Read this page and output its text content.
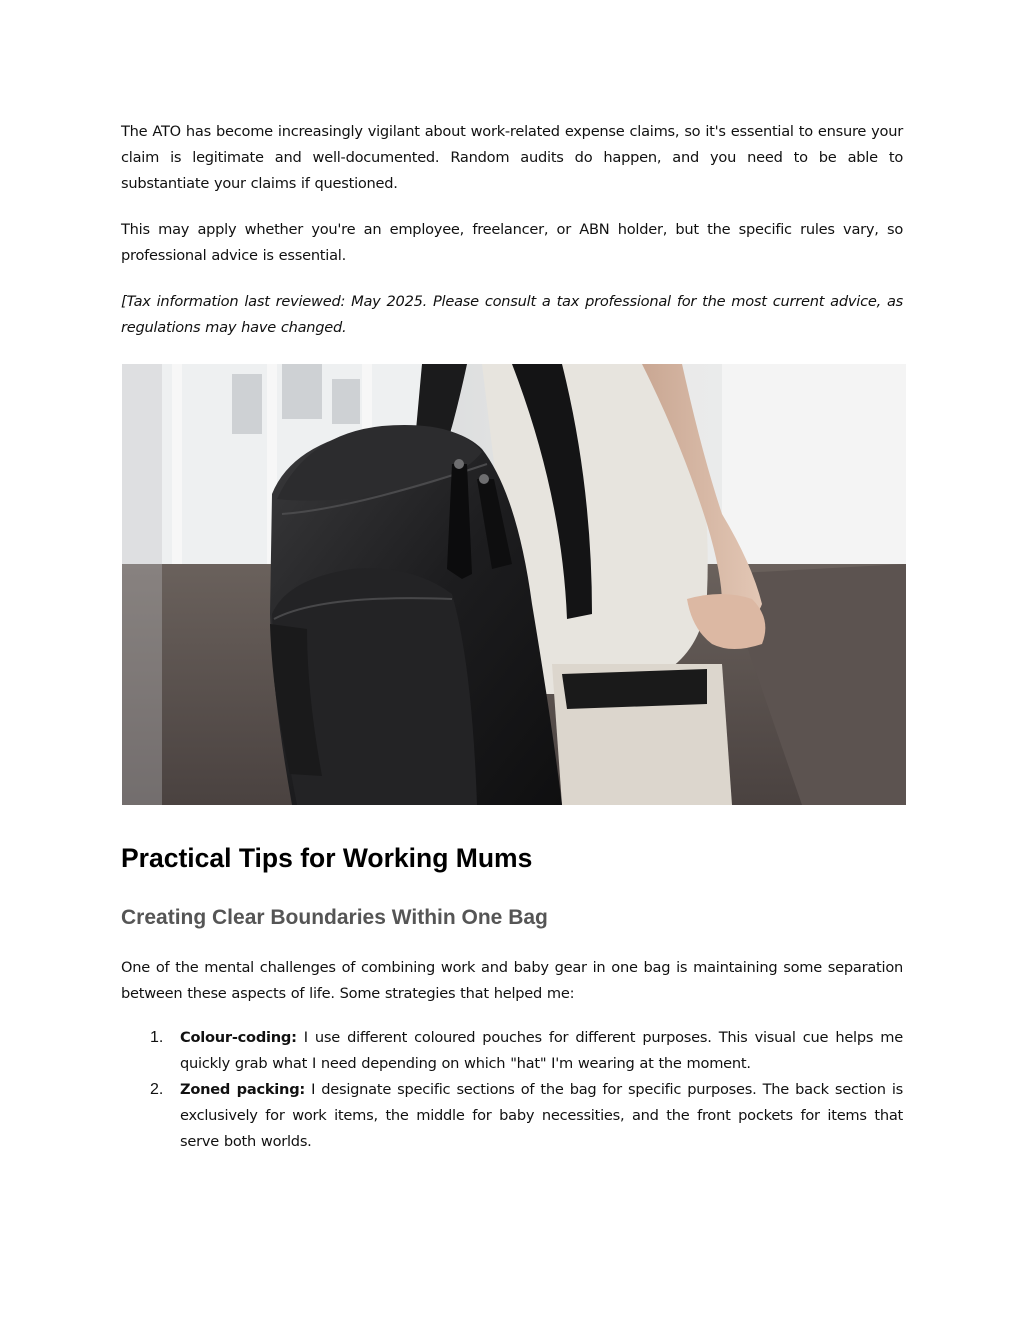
The ATO has become increasingly vigilant about work-related expense claims, so it's essential to ensure your claim is legitimate and well-documented. Random audits do happen, and you need to be able to substantiate your claims if questioned.

This may apply whether you're an employee, freelancer, or ABN holder, but the specific rules vary, so professional advice is essential.

[Tax information last reviewed: May 2025. Please consult a tax professional for the most current advice, as regulations may have changed.

Practical Tips for Working Mums
Creating Clear Boundaries Within One Bag

One of the mental challenges of combining work and baby gear in one bag is maintaining some separation between these aspects of life. Some strategies that helped me:

1. Colour-coding: I use different coloured pouches for different purposes. This visual cue helps me quickly grab what I need depending on which "hat" I'm wearing at the moment.

2. Zoned packing: I designate specific sections of the bag for specific purposes. The back section is exclusively for work items, the middle for baby necessities, and the front pockets for items that serve both worlds.
